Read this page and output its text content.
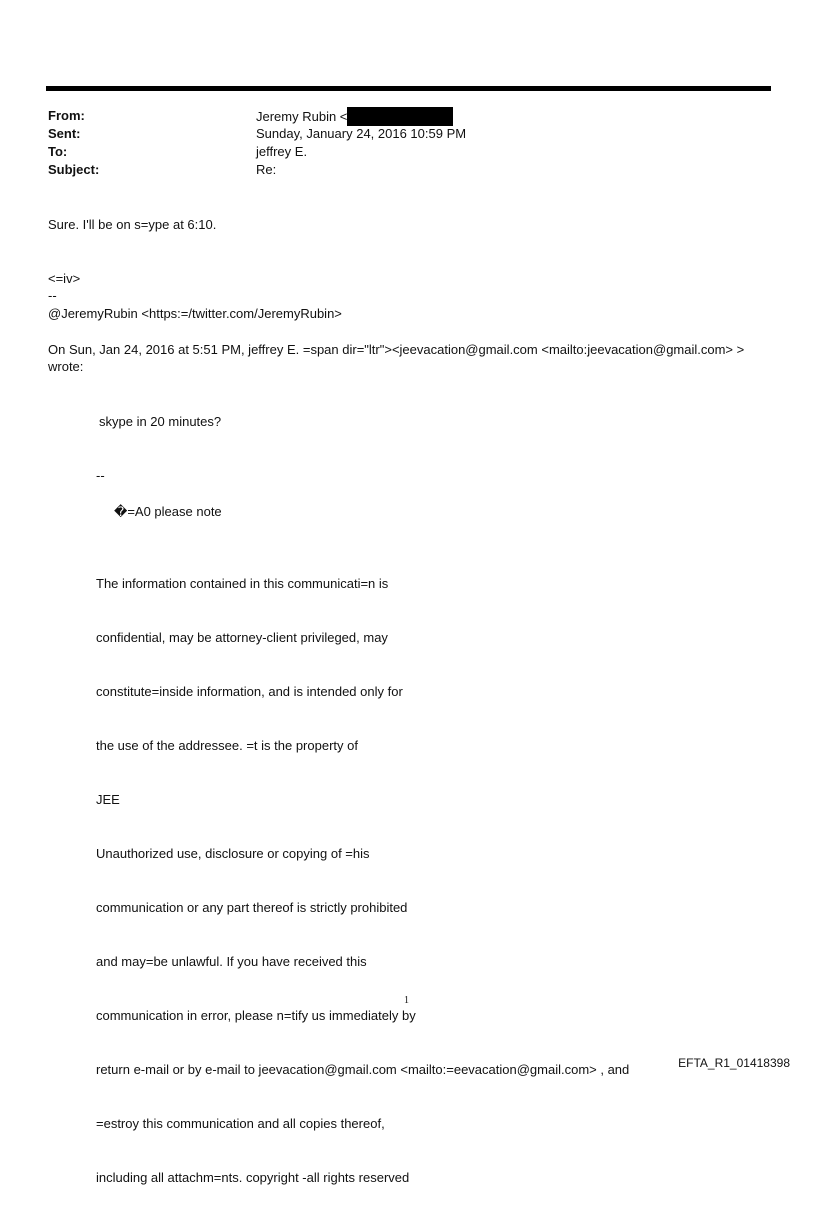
From:	Jeremy Rubin <
Sent:	Sunday, January 24, 2016 10:59 PM
To:	jeffrey E.
Subject:	Re:
Sure. I'll be on s=ype at 6:10.
<=iv>
--
@JeremyRubin <https:=/twitter.com/JeremyRubin>
On Sun, Jan 24, 2016 at 5:51 PM, jeffrey E. =span dir="ltr"><jeevacation@gmail.com <mailto:jeevacation@gmail.com> >
wrote:
skype in 20 minutes?
--
�=A0 please note

The information contained in this communicati=n is

confidential, may be attorney-client privileged, may

constitute=inside information, and is intended only for

the use of the addressee. =t is the property of

JEE

Unauthorized use, disclosure or copying of =his

communication or any part thereof is strictly prohibited

and may=be unlawful. If you have received this

communication in error, please n=tify us immediately by

return e-mail or by e-mail to jeevacation@gmail.com <mailto:=eevacation@gmail.com> , and

=estroy this communication and all copies thereof,

including all attachm=nts. copyright -all rights reserved

1
EFTA_R1_01418398
